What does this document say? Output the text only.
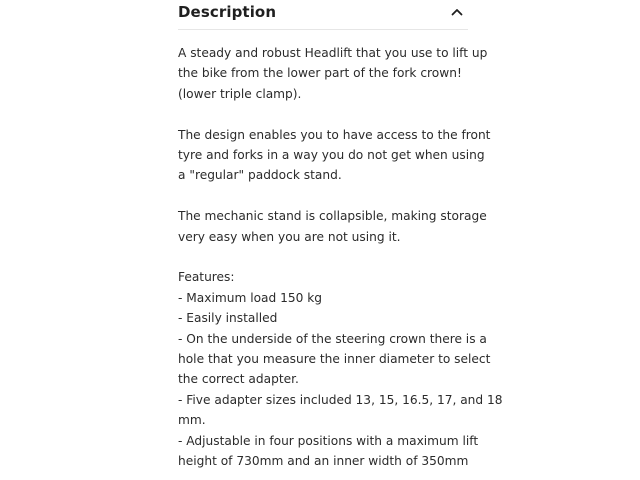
Description

A steady and robust Headlift that you use to lift up
the bike from the lower part of the fork crown!
(lower triple clamp).

The design enables you to have access to the front
tyre and forks in a way you do not get when using
a "regular" paddock stand.

The mechanic stand is collapsible, making storage
very easy when you are not using it.

Features:
- Maximum load 150 kg
- Easily installed
- On the underside of the steering crown there is a
hole that you measure the inner diameter to select
the correct adapter.
- Five adapter sizes included 13, 15, 16.5, 17, and 18
mm.
- Adjustable in four positions with a maximum lift
height of 730mm and an inner width of 350mm
